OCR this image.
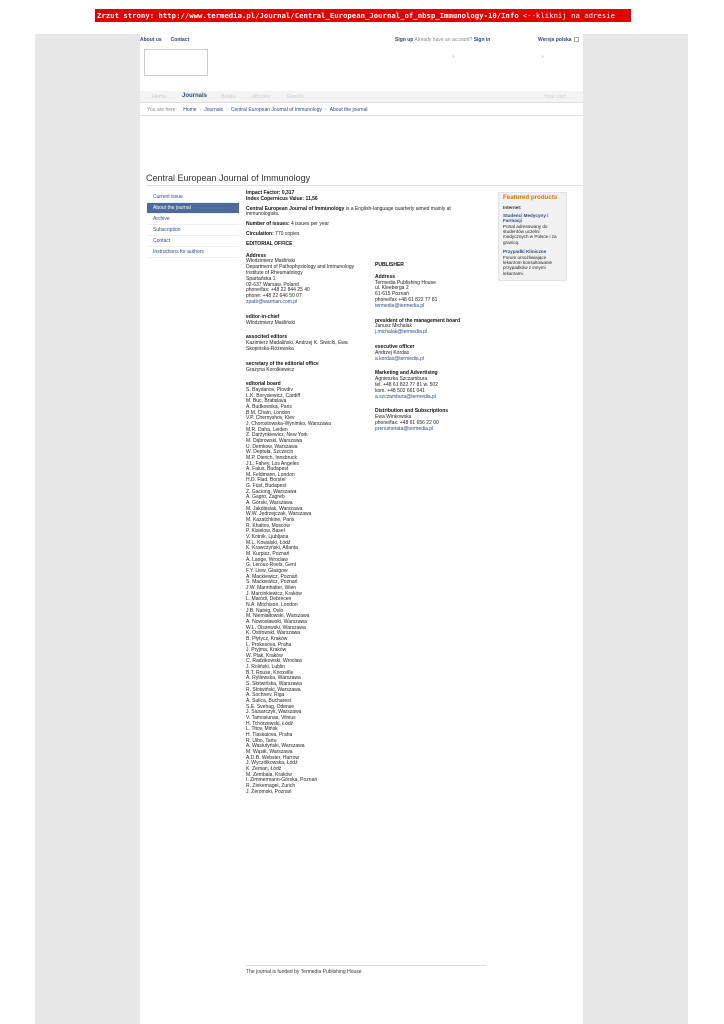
Zrzut strony: http://www.termedia.pl/Journal/Central_European_Journal_of_nbsp_Immunology-10/Info <--kliknij na adresie
About us Contact	Sign up Already have an account? Sign in	Wersja polska
»	»
Home	Journals	Books	eBooks	Events	Your cart
You are here: Home › Journals › Central European Journal of Immunology › About the journal
Central European Journal of Immunology
Current issue
About the journal
Archive
Subscription
Contact
Instructions for authors

Impact Factor: 0,317
Index Copernicus Value: 11,56

Central European Journal of Immunology is a English-language quarterly aimed mainly at immunologists.

Number of issues: 4 issues per year

Circulation: 770 copies

EDITORIAL OFFICE
Address
Włodzimierz Maśliński
Department of Pathophysiology and Immunology Institute of Rheumatology
Spartańska 1
02-637 Warsaw, Poland
phone/fax: +48 22 844 25 40
phone: +48 22 646 50 07
zpatir@warman.com.pl
editor-in-chief
Włodzimierz Maśliński
associted editors
Kazimierz Madaliński, Andrzej K. Siwicki, Ewa Skopińska-Różewska
secretary of the editorial office
Grażyna Korolkiewicz
editorial board
S. Baydanov, Plovdiv
L.K. Borysiewicz, Cardiff
M. Buc, Bratislava
A. Budkowska, Paris
B.M. Chain, London
V.P. Chernyshov, Kiev
J. Chorostowska-Wynimko, Warszawa
M.R. Daha, Leiden
Z. Darżynkiewicz, New York
M. Dąbrowski, Warszawa
U. Demkow, Warszawa
W. Deptuła, Szczecin
M.P. Dierich, Innsbruck
J.L. Fahey, Los Angeles
A. Falus, Budapest
M. Feldmann, London
H.D. Flad, Borstel
G. Füst, Budapest
Z. Gaciong, Warszawa
A. Gagro, Zagreb
A. Górski, Warszawa
M. Jakóbisiak, Warszawa
W.W. Jędrzejczak, Warszawa
M. Kazatchkine, Paris
R. Khaitov, Moscow
P. Kisielow, Basel
V. Kotnik, Ljubljana
M.L. Kowalski, Łódź
K. Krawczyński, Atlanta
M. Kurpisz, Poznań
A. Lange, Wrocław
G. Leroux-Roels, Gent
F.Y. Liew, Glasgow
A. Mackiewicz, Poznań
S. Mackiewicz, Poznań
J.W. Mannhalter, Wien
J. Marcinkiewicz, Kraków
L. Maródi, Debrecen
N.A. Mitchison, London
J.B. Natvig, Oslo
M. Niemiałtowski, Warszawa
A. Nowosławski, Warszawa
W.L. Olszewski, Warszawa
K. Ostrowski, Warszawa
B. Płytycz, Kraków
L. Prokesova, Praha
J. Pryjma, Kraków
W. Ptak, Kraków
C. Radzikowski, Wrocław
J. Roliński, Lublin
B.T. Rouse, Knoxville
A. Rytlewska, Warszawa
S. Słotwińska, Warszawa
R. Słotwiński, Warszawa
A. Sochnev, Riga
A. Sulica, Bucharest
S.E. Svehag, Odense
J. Siusarczyk, Warszawa
V. Tamosiunas, Vilnius
H. Tchórzewski, Łódź
L. Titov, Mińsk
H. Tlaskalova, Praha
R. Uibo, Tartu
A. Wasiutyński, Warszawa
M. Wąsik, Warszawa
A.D.B. Webster, Harrow
J. Wyczółkowska, Łódź
K. Zeman, Łódź
M. Zembala, Kraków
I. Zimmermann-Górska, Poznań
R. Zinkernagel, Zurich
J. Żeromski, Poznań
PUBLISHER
Address
Termedia Publishing House
ul. Kleeberga 2
61-615 Poznań
phone/fax +48 61 822 77 81
termedia@termedia.pl
president of the management board
Janusz Michalak
j.michalak@termedia.pl
executive officer
Andrzej Kordas
a.kordas@termedia.pl
Marketing and Advertising
Agnieszka Szczambura
tel. +48 61 822 77 81 w. 502
kom. +48 502 661 041
a.szczambura@termedia.pl
Distribution and Subscriptions
Ewa Winkowska
phone/fax: +48 61 656 22 00
prenumerata@termedia.pl
Featured products
Internet:
Studenci Medycyny i Farmacji
Portal adresowany do studentów uczelni medycznych w Polsce i za granicą.
Przypadki Kliniczne
Forum umożliwiające lekarzom konsultowanie przypadków z innymi lekarzami.
The journal is funded by Termedia Publishing House
